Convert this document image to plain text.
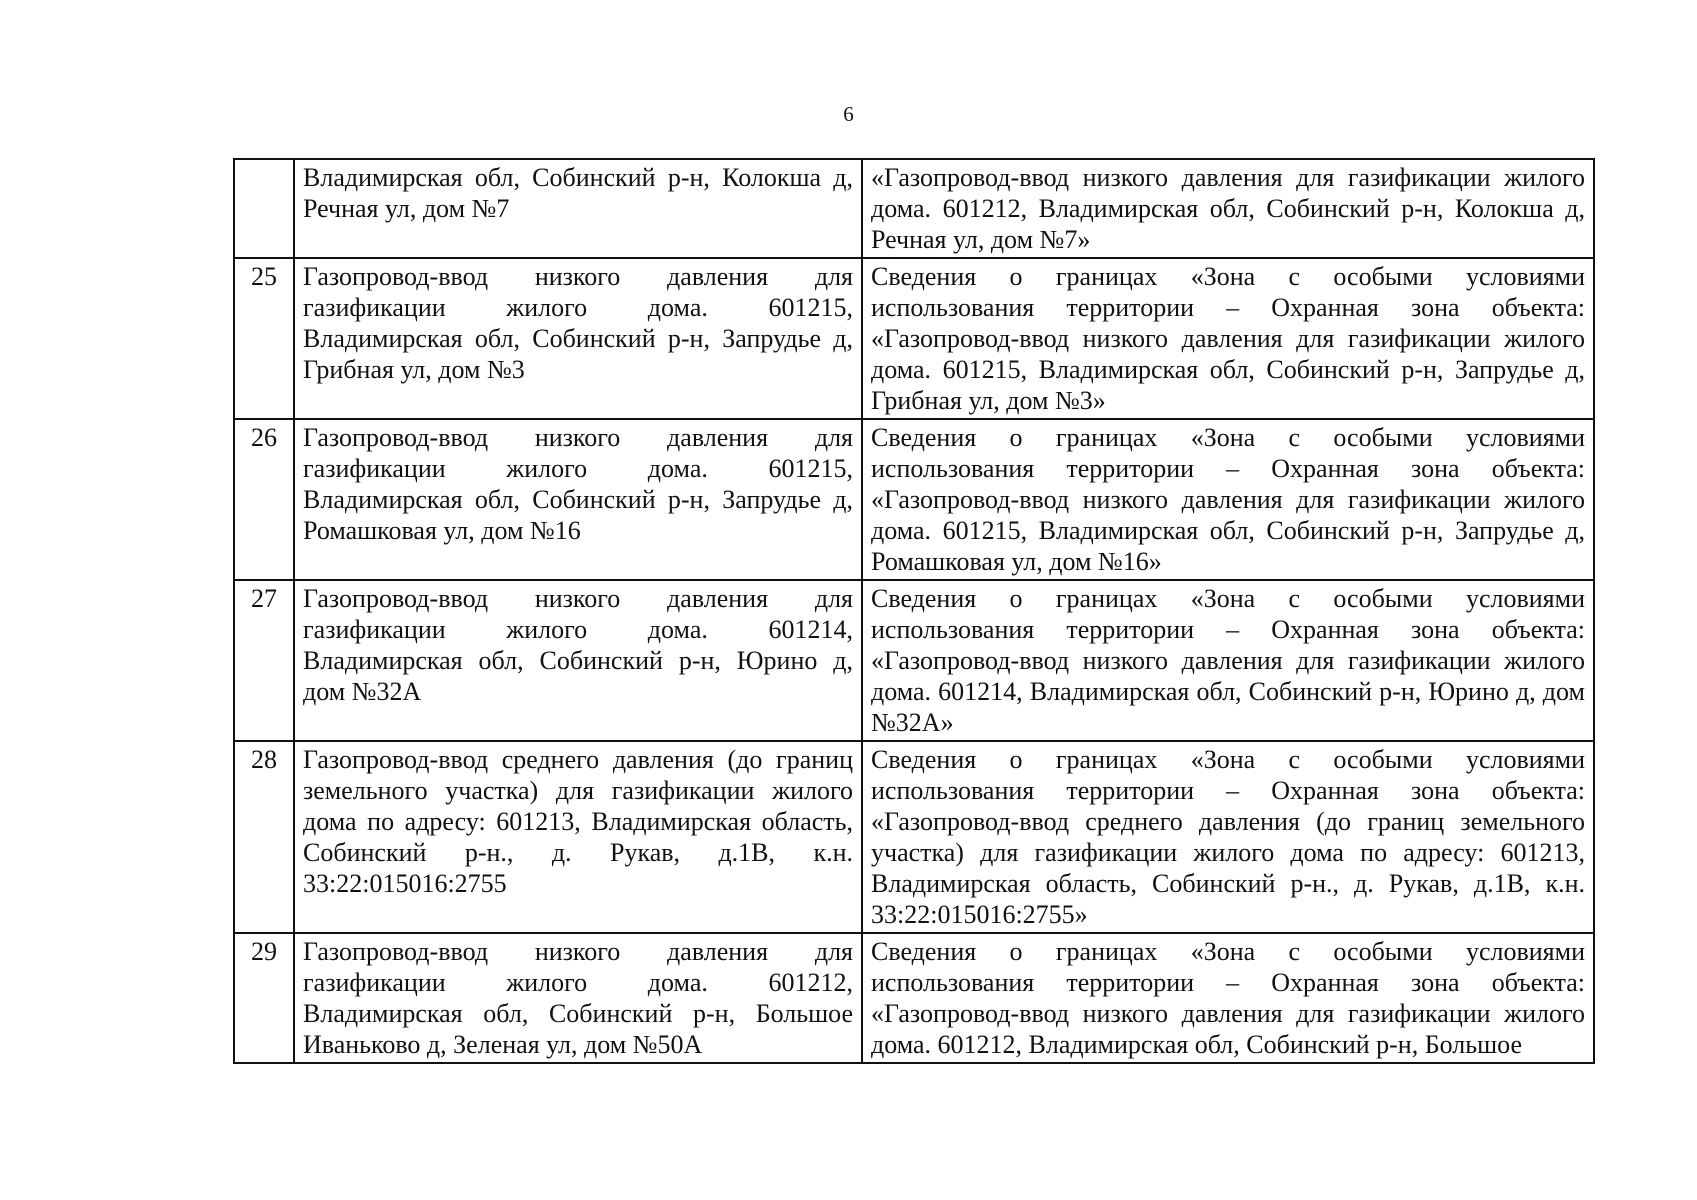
6
	Владимирская обл, Собинский р-н, Колокша д, Речная ул, дом №7	«Газопровод-ввод низкого давления для газификации жилого дома. 601212, Владимирская обл, Собинский р-н, Колокша д, Речная ул, дом №7»
25	Газопровод-ввод низкого давления для газификации жилого дома. 601215, Владимирская обл, Собинский р-н, Запрудье д, Грибная ул, дом №3	Сведения о границах «Зона с особыми условиями использования территории – Охранная зона объекта: «Газопровод-ввод низкого давления для газификации жилого дома. 601215, Владимирская обл, Собинский р-н, Запрудье д, Грибная ул, дом №3»
26	Газопровод-ввод низкого давления для газификации жилого дома. 601215, Владимирская обл, Собинский р-н, Запрудье д, Ромашковая ул, дом №16	Сведения о границах «Зона с особыми условиями использования территории – Охранная зона объекта: «Газопровод-ввод низкого давления для газификации жилого дома. 601215, Владимирская обл, Собинский р-н, Запрудье д, Ромашковая ул, дом №16»
27	Газопровод-ввод низкого давления для газификации жилого дома. 601214, Владимирская обл, Собинский р-н, Юрино д, дом №32А	Сведения о границах «Зона с особыми условиями использования территории – Охранная зона объекта: «Газопровод-ввод низкого давления для газификации жилого дома. 601214, Владимирская обл, Собинский р-н, Юрино д, дом №32А»
28	Газопровод-ввод среднего давления (до границ земельного участка) для газификации жилого дома по адресу: 601213, Владимирская область, Собинский р-н., д. Рукав, д.1В, к.н. 33:22:015016:2755	Сведения о границах «Зона с особыми условиями использования территории – Охранная зона объекта: «Газопровод-ввод среднего давления (до границ земельного участка) для газификации жилого дома по адресу: 601213, Владимирская область, Собинский р-н., д. Рукав, д.1В, к.н. 33:22:015016:2755»
29	Газопровод-ввод низкого давления для газификации жилого дома. 601212, Владимирская обл, Собинский р-н, Большое Иваньково д, Зеленая ул, дом №50А	Сведения о границах «Зона с особыми условиями использования территории – Охранная зона объекта: «Газопровод-ввод низкого давления для газификации жилого дома. 601212, Владимирская обл, Собинский р-н, Большое
